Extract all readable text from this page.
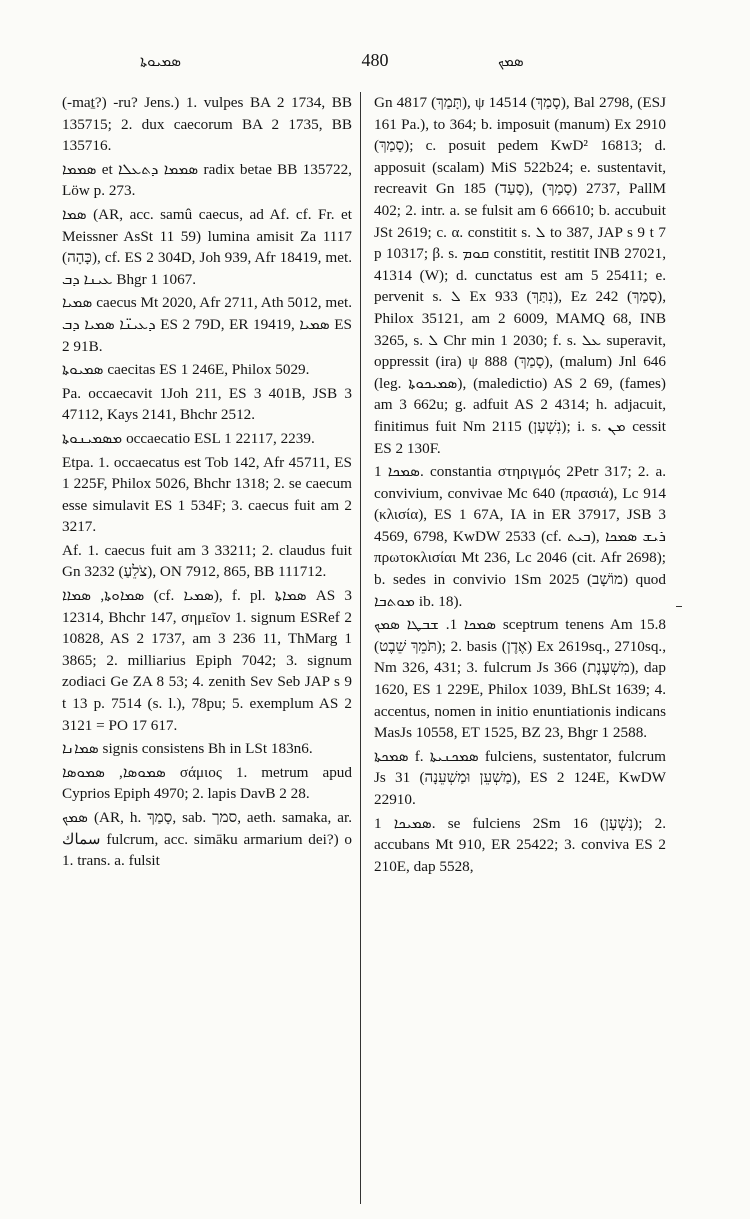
ܣܡܝܘܬܐ	480	ܣܡܟ

(-maṯ?) -ru? Jens.) 1. vulpes BA 2 1734, BB 135715; 2. dux caecorum BA 2 1735, BB 135716.

ܣܡܡܐ et ܣܡܡܐ ܕܬܥܠܐ radix betae BB 135722, Löw p. 273.

ܣܡܐ (AR, acc. samû caecus, ad Af. cf. Fr. et Meissner AsSt 11 59) lumina amisit Za 1117 (כָּהָה), cf. ES 2 304D, Joh 939, Afr 18419, met. ܥܝܢܐ ܕܒ Bhgr 1 1067.

ܣܡܝܐ caecus Mt 2020, Afr 2711, Ath 5012, met. ܕܥܝܢ̈ܐ ܣܡܝܐ ܕܒ ES 2 79D, ER 19419, ܣܡܝܐ ES 2 91B.

ܣܡܝܘܬܐ caecitas ES 1 246E, Philox 5029.

Pa. occaecavit 1Joh 211, ES 3 401B, JSB 3 47112, Kays 2141, Bhchr 2512.

ܡܣܡܝܢܘܬܐ occaecatio ESL 1 22117, 2239.

Etpa. 1. occaecatus est Tob 142, Afr 45711, ES 1 225F, Philox 5026, Bhchr 1318; 2. se caecum esse simulavit ES 1 534F; 3. caecus fuit am 2 3217.

Af. 1. caecus fuit am 3 33211; 2. claudus fuit Gn 3232 (צֹלֵעַ), ON 7912, 865, BB 111712.

ܣܡܐܘܬܐ, ܣܡܐܐ (cf. ܣܡܝܐ), f. pl. ܣܡܐܬܐ AS 3 12314, Bhchr 147, σημεῖον 1. signum ESRef 2 10828, AS 2 1737, am 3 236 11, ThMarg 1 3865; 2. milliarius Epiph 7042; 3. signum zodiaci Ge ZA 8 53; 4. zenith Sev Seb JAP s 9 t 13 p. 7514 (s. l.), 78pu; 5. exemplum AS 2 3121 = PO 17 617.

ܣܡܐܢܐ signis consistens Bh in LSt 183n6.

ܣܡܘܣܐ, ܣܡܘܣܐ σάμιος 1. metrum apud Cyprios Epiph 4970; 2. lapis DavB 2 28.

ܣܡܟ (AR, h. סָמַךְ, sab. סמך, aeth. samaka, ar. سماك fulcrum, acc. simāku armarium dei?) o 1. trans. a. fulsit

Gn 4817 (תָּמַךְ), ψ 14514 (סָמַךְ), Bal 2798, (ESJ 161 Pa.), to 364; b. imposuit (manum) Ex 2910 (סָמַךְ); c. posuit pedem KwD² 16813; d. apposuit (scalam) MiS 522b24; e. sustentavit, recreavit Gn 185 (סָעַד), 2737 (סָמַךְ), PallM 402; 2. intr. a. se fulsit am 6 66610; b. accubuit JSt 2619; c. α. constitit s. ܠ to 387, JAP s 9 t 7 p 10317; β. s. ܩܘܡ constitit, restitit INB 27021, 41314 (W); d. cunctatus est am 5 25411; e. pervenit s. ܠ Ex 933 (נִתַּךְ), Ez 242 (סָמַךְ), Philox 35121, am 2 6009, MAMQ 68, INB 3265, s. ܠ Chr min 1 2030; f. s. ܥܠ superavit, oppressit (ira) ψ 888 (סָמַךְ), (malum) Jnl 646 (leg. ܣܡܝܟܘܬܐ), (maledictio) AS 2 69, (fames) am 3 662u; g. adfuit AS 2 4314; h. adjacuit, finitimus fuit Nm 2115 (נִשְׁעָן); i. s. ܡܢ cessit ES 2 130F.

ܣܡܟܐ 1. constantia στηριγμός 2Petr 317; 2. a. convivium, convivae Mc 640 (πρασιά), Lc 914 (κλισία), ES 1 67A, IA in ER 37917, JSB 3 4569, 6798, KwDW 2533 (cf. ܒܝܬ), ܪܝܫ ܣܡܟܐ πρωτοκλισίαι Mt 236, Lc 2046 (cit. Afr 2698); b. sedes in convivio 1Sm 2025 (מוֹשָׁב) quod ܡܘܬܒܐ ib. 18).

ܣܡܟܐ 1. ܫܒܛܐ ܣܡܟ sceptrum tenens Am 15.8 (תֹּמֵךְ שֵׁבֶט); 2. basis (אֶדֶן) Ex 2619sq., 2710sq., Nm 326, 431; 3. fulcrum Js 366 (מִשְׁעֶנֶת), dap 1620, ES 1 229E, Philox 1039, BhLSt 1639; 4. accentus, nomen in initio enuntiationis indicans MasJs 10558, ET 1525, BZ 23, Bhgr 1 2588.

ܣܡܟܬܐ f. ܣܡܟܢܝܬܐ fulciens, sustentator, fulcrum Js 31 (מַשְׁעֵן וּמַשְׁעֵנָה), ES 2 124E, KwDW 22910.

ܣܡܝܟܐ 1. se fulciens 2Sm 16 (נִשְׁעָן); 2. accubans Mt 910, ER 25422; 3. conviva ES 2 210E, dap 5528,
